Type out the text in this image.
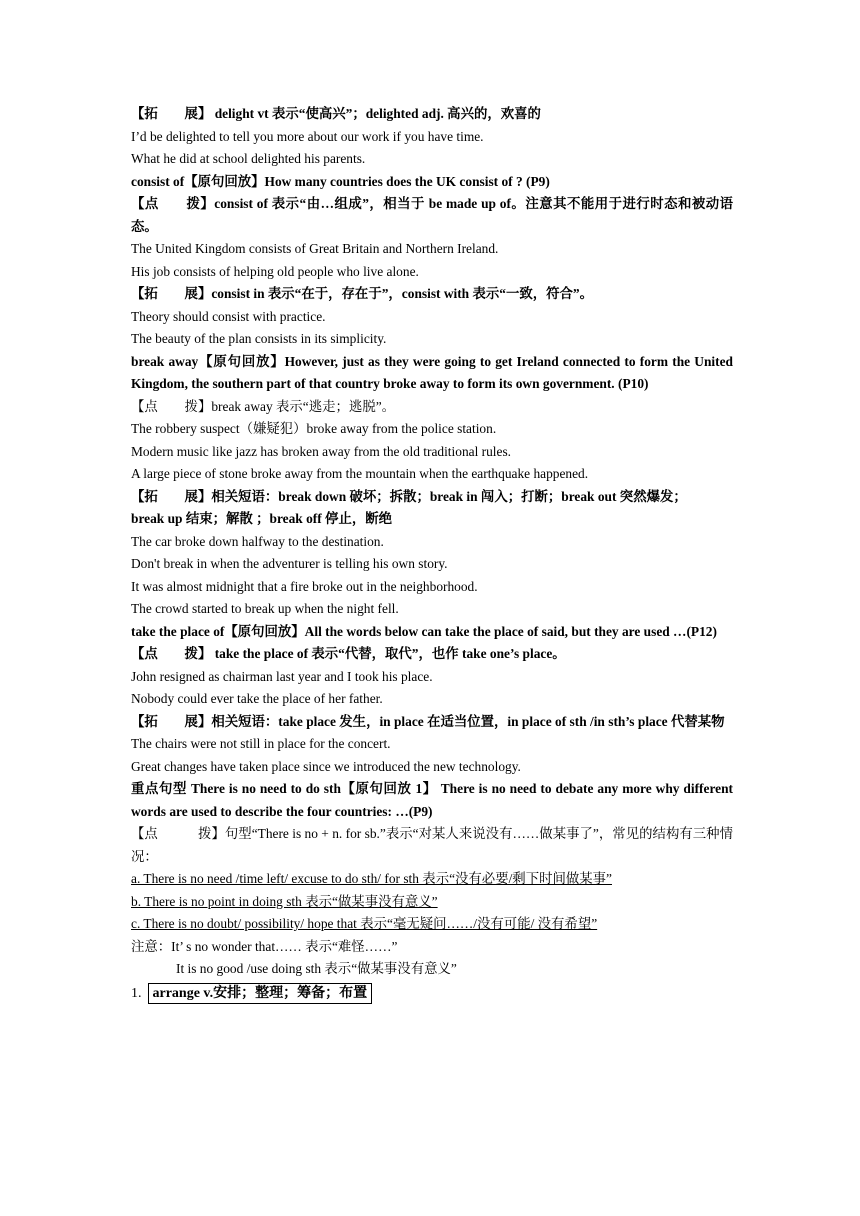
【拓　　展】 delight vt 表示“使高兴”；delighted adj. 高兴的，欢喜的
I’d be delighted to tell you more about our work if you have time.
What he did at school delighted his parents.
consist of【原句回放】How many countries does the UK consist of ? (P9)
【点　　拨】consist of 表示“由…组成”，相当于 be made up of。注意其不能用于进行时态和被动语态。
The United Kingdom consists of Great Britain and Northern Ireland.
His job consists of helping old people who live alone.
【拓　　展】consist in 表示“在于，存在于”，consist with 表示“一致，符合”。
Theory should consist with practice.
The beauty of the plan consists in its simplicity.
break away【原句回放】However, just as they were going to get Ireland connected to form the United Kingdom, the southern part of that country broke away to form its own government. (P10)
【点　　拨】break away 表示“逃走；逃脱”。
The robbery suspect（嫌疑犯）broke away from the police station.
Modern music like jazz has broken away from the old traditional rules.
A large piece of stone broke away from the mountain when the earthquake happened.
【拓　　展】相关短语：break down 破坏；拆散；break in 闯入；打断；break out 突然爆发；
break up 结束；解散 ；break off 停止，断绝
The car broke down halfway to the destination.
Don't break in when the adventurer is telling his own story.
It was almost midnight that a fire broke out in the neighborhood.
The crowd started to break up when the night fell.
take the place of【原句回放】All the words below can take the place of said, but they are used …(P12)
【点　　拨】 take the place of 表示“代替，取代”，也作 take one’s place。
John resigned as chairman last year and I took his place.
Nobody could ever take the place of her father.
【拓　　展】相关短语：take place 发生，in place 在适当位置，in place of sth /in sth’s place 代替某物
The chairs were not still in place for the concert.
Great changes have taken place since we introduced the new technology.
重点句型 There is no need to do sth【原句回放 1】 There is no need to debate any more why different words are used to describe the four countries: …(P9)
【点　　　拨】句型“There is no + n. for sb.”表示“对某人来说没有……做某事了”，常见的结构有三种情况：
a. There is no need /time left/ excuse to do sth/ for sth 表示“没有必要/剩下时间做某事”
b. There is no point in doing sth 表示“做某事没有意义”
c. There is no doubt/ possibility/ hope that 表示“毫无疑问……/没有可能/ 没有希望”
注意：It’ s no wonder that…… 表示“难怪……”
It is no good /use doing sth 表示“做某事没有意义”
1. arrange v.安排；整理；筹备；布置
